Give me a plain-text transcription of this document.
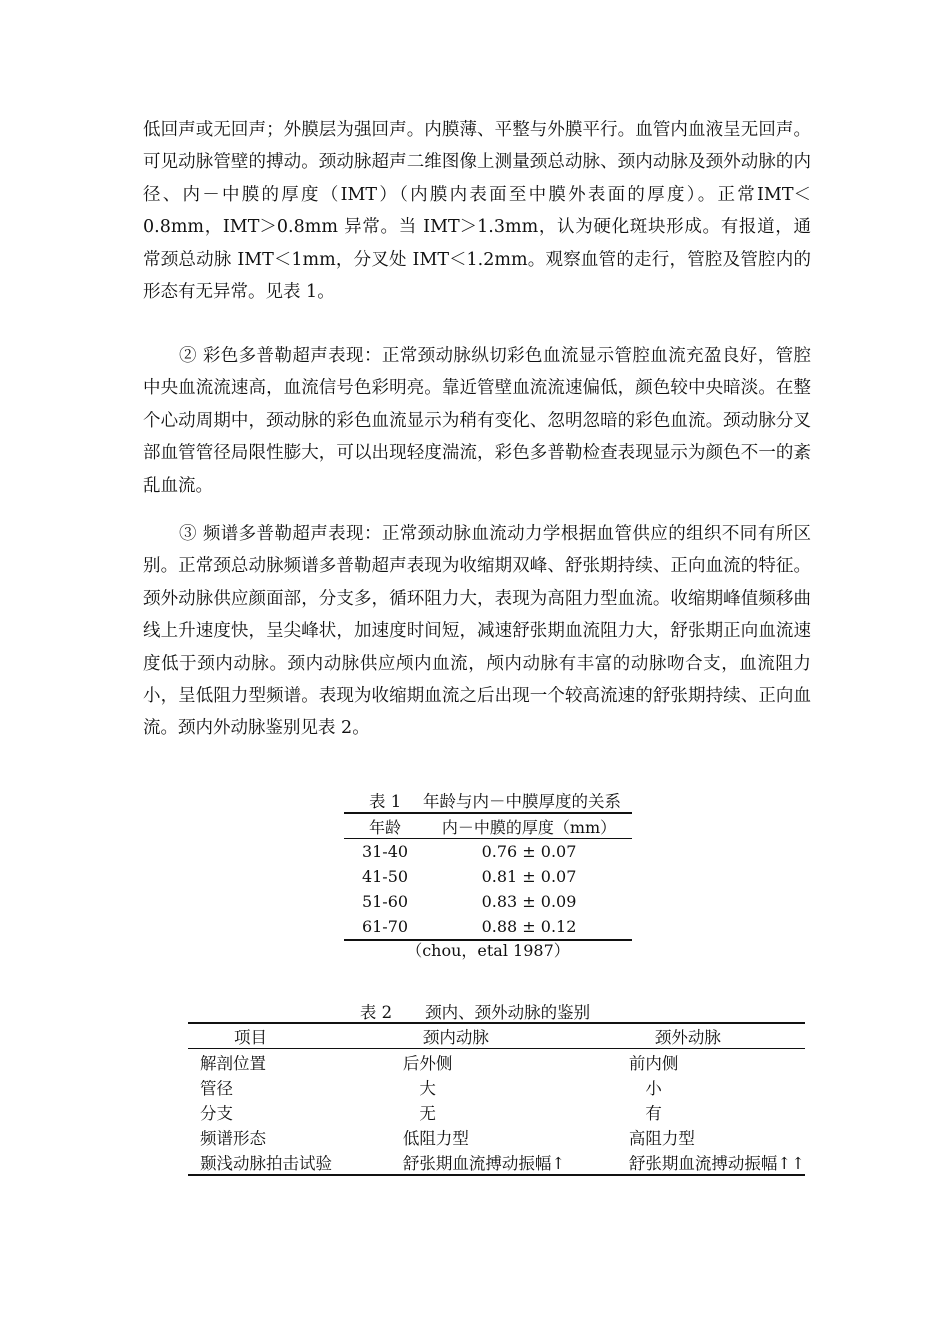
低回声或无回声；外膜层为强回声。内膜薄、平整与外膜平行。血管内血液呈无回声。可见动脉管壁的搏动。颈动脉超声二维图像上测量颈总动脉、颈内动脉及颈外动脉的内径、内－中膜的厚度（IMT）（内膜内表面至中膜外表面的厚度）。正常IMT＜0.8mm，IMT＞0.8mm 异常。当 IMT＞1.3mm，认为硬化斑块形成。有报道，通常颈总动脉 IMT＜1mm，分叉处 IMT＜1.2mm。观察血管的走行，管腔及管腔内的形态有无异常。见表 1。

② 彩色多普勒超声表现：正常颈动脉纵切彩色血流显示管腔血流充盈良好，管腔中央血流流速高，血流信号色彩明亮。靠近管壁血流流速偏低，颜色较中央暗淡。在整个心动周期中，颈动脉的彩色血流显示为稍有变化、忽明忽暗的彩色血流。颈动脉分叉部血管管径局限性膨大，可以出现轻度湍流，彩色多普勒检查表现显示为颜色不一的紊乱血流。

③ 频谱多普勒超声表现：正常颈动脉血流动力学根据血管供应的组织不同有所区别。正常颈总动脉频谱多普勒超声表现为收缩期双峰、舒张期持续、正向血流的特征。颈外动脉供应颜面部，分支多，循环阻力大，表现为高阻力型血流。收缩期峰值频移曲线上升速度快，呈尖峰状，加速度时间短，减速舒张期血流阻力大，舒张期正向血流速度低于颈内动脉。颈内动脉供应颅内血流，颅内动脉有丰富的动脉吻合支，血流阻力小，呈低阻力型频谱。表现为收缩期血流之后出现一个较高流速的舒张期持续、正向血流。颈内外动脉鉴别见表 2。

表 1　 年龄与内－中膜厚度的关系
年龄	内－中膜的厚度（mm）
31-40	0.76 ± 0.07
41-50	0.81 ± 0.07
51-60	0.83 ± 0.09
61-70	0.88 ± 0.12
（chou，etal 1987）
表 2　　颈内、颈外动脉的鉴别
项目	颈内动脉	颈外动脉
解剖位置	后外侧	前内侧
管径	　大	　小
分支	　无	　有
频谱形态	低阻力型	高阻力型
颞浅动脉拍击试验	舒张期血流搏动振幅↑	舒张期血流搏动振幅↑↑
